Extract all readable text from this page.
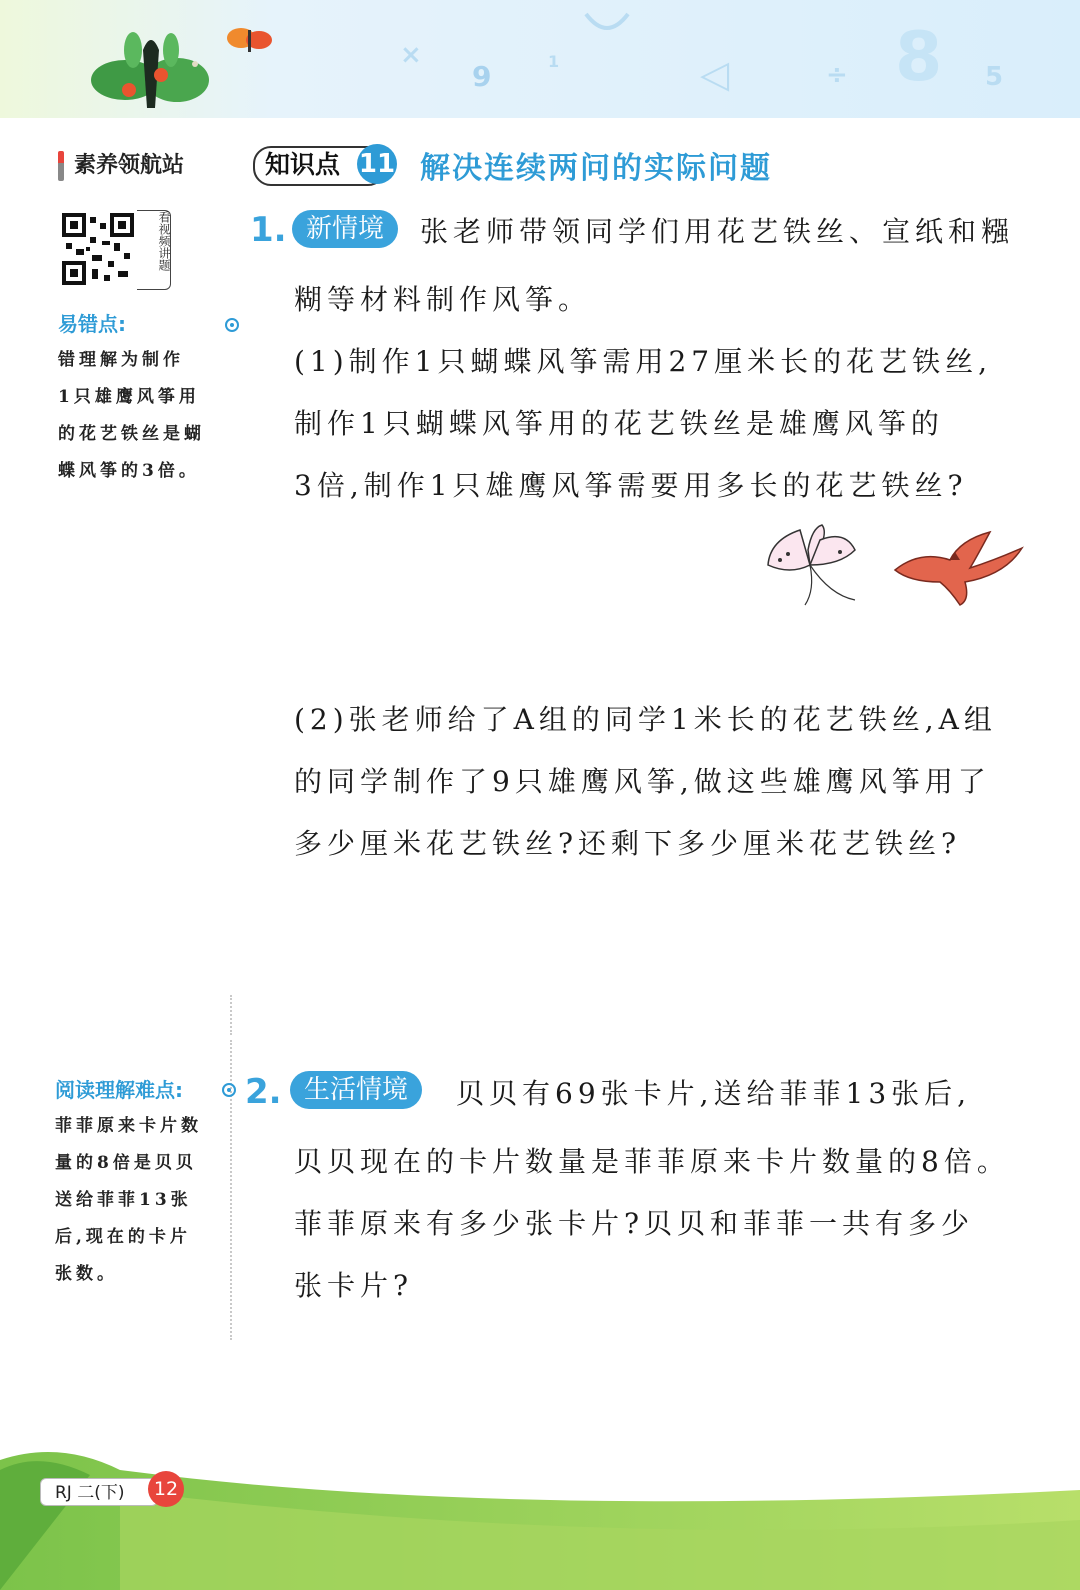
×
9	1	◁	÷ 8 5
素养领航站
看视频讲题
易错点:
错理解为制作
1只雄鹰风筝用
的花艺铁丝是蝴
蝶风筝的3倍。
阅读理解难点:
菲菲原来卡片数
量的8倍是贝贝
送给菲菲13张
后,现在的卡片
张数。
知识点 11 解决连续两问的实际问题
1. 新情境	张老师带领同学们用花艺铁丝、宣纸和糨
糊等材料制作风筝。
(1)制作1只蝴蝶风筝需用27厘米长的花艺铁丝,
制作1只蝴蝶风筝用的花艺铁丝是雄鹰风筝的
3倍,制作1只雄鹰风筝需要用多长的花艺铁丝?
(2)张老师给了A组的同学1米长的花艺铁丝,A组
的同学制作了9只雄鹰风筝,做这些雄鹰风筝用了
多少厘米花艺铁丝?还剩下多少厘米花艺铁丝?
2. 生活情境	贝贝有69张卡片,送给菲菲13张后,
贝贝现在的卡片数量是菲菲原来卡片数量的8倍。
菲菲原来有多少张卡片?贝贝和菲菲一共有多少
张卡片?
RJ 二(下)	12
